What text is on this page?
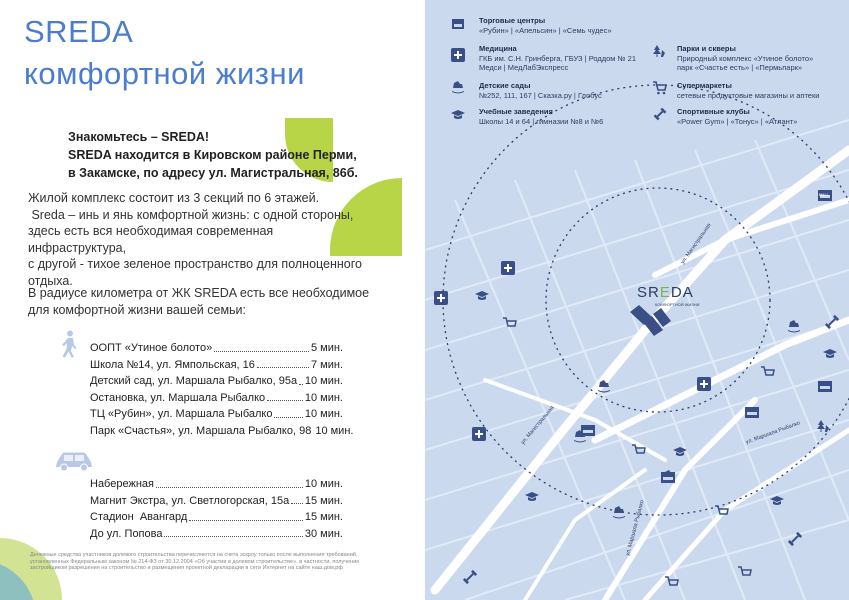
SREDA
комфортной жизни
Знакомьтесь – SREDA!
SREDA находится в Кировском районе Перми,
в Закамске, по адресу ул. Магистральная, 86б.
Жилой комплекс состоит из 3 секций по 6 этажей.
Sreda – инь и янь комфортной жизнь: с одной стороны,
здесь есть вся необходимая современная инфраструктура,
с другой - тихое зеленое пространство для полноценного
отдыха.
В радиусе километра от ЖК SREDA есть все необходимое
для комфортной жизни вашей семьи:
ООПТ «Утиное болото»	5 мин.
Школа №14, ул. Ямпольская, 16	7 мин.
Детский сад, ул. Маршала Рыбалко, 95а 10 мин.
Остановка, ул. Маршала Рыбалко	10 мин.
ТЦ «Рубин», ул. Маршала Рыбалко	10 мин.
Парк «Счастья», ул. Маршала Рыбалко, 98 10 мин.
Набережная	10 мин.
Магнит Экстра, ул. Светлогорская, 15а 15 мин.
Стадион  Авангард	15 мин.
До ул. Попова	30 мин.
Денежные средства участников долевого строительства перечисляются на счета эскроу только после выполнения требований,
установленных Федеральным законом № 214-ФЗ от 30.12.2004 «Об участии в долевом строительстве». в частности, получение
застройщиком разрешения на строительство и размещения проектной декларации в сети Интернет на сайте наш.дом.рф
SREDA
КОМФОРТНОЙ ЖИЗНИ
ул. Магистральная
ул. Магистральная	ул. Маршала Рыбалко
ул. Маршала Рыбалко
Торговые центры
«Рубин» | «Апельсин» | «Семь чудес»
Медицина
ГКБ им. С.Н. Гринберга, ГБУЗ | Роддом № 21
Медси | МедЛабЭкспресс
Детские сады
№252, 111, 167 | Сказка.ру | Глобус
Учебные заведения
Школы 14 и 64 | гимназии №8 и №6
Парки и скверы
Природный комплекс «Утиное болото»
парк «Счастье есть» | «Пермьпарк»
Супермаркеты
сетевые продуктовые магазины и аптеки
Спортивные клубы
«Power Gym» | «Тонус» | «Атлант»
MALL
